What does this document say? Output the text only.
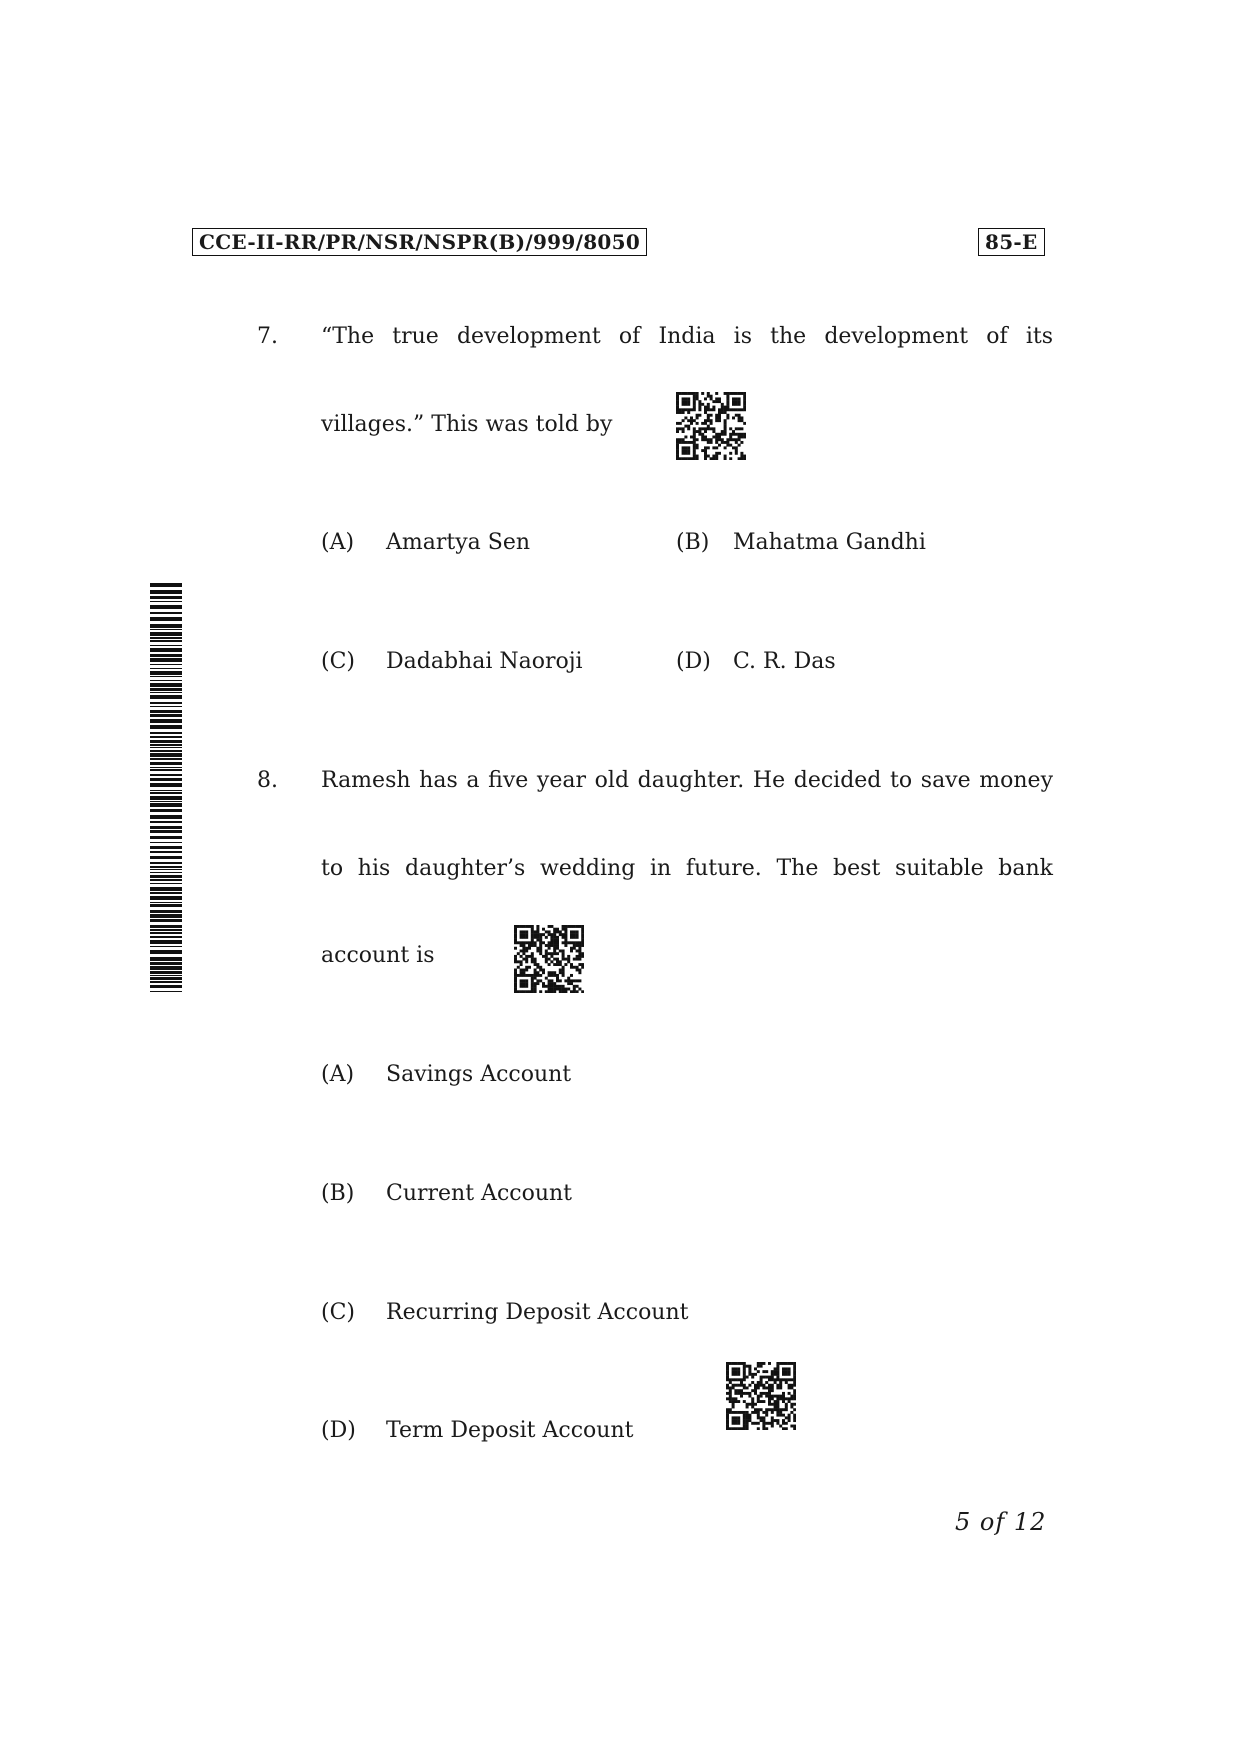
CCE-II-RR/PR/NSR/NSPR(B)/999/8050	85-E
7. “The true development of India is the development of its
villages.” This was told by
(A) Amartya Sen	(B) Mahatma Gandhi
(C) Dadabhai Naoroji	(D) C. R. Das
8. Ramesh has a five year old daughter. He decided to save money
to his daughter’s wedding in future. The best suitable bank
account is
(A) Savings Account
(B) Current Account
(C) Recurring Deposit Account
(D) Term Deposit Account
5 of 12
